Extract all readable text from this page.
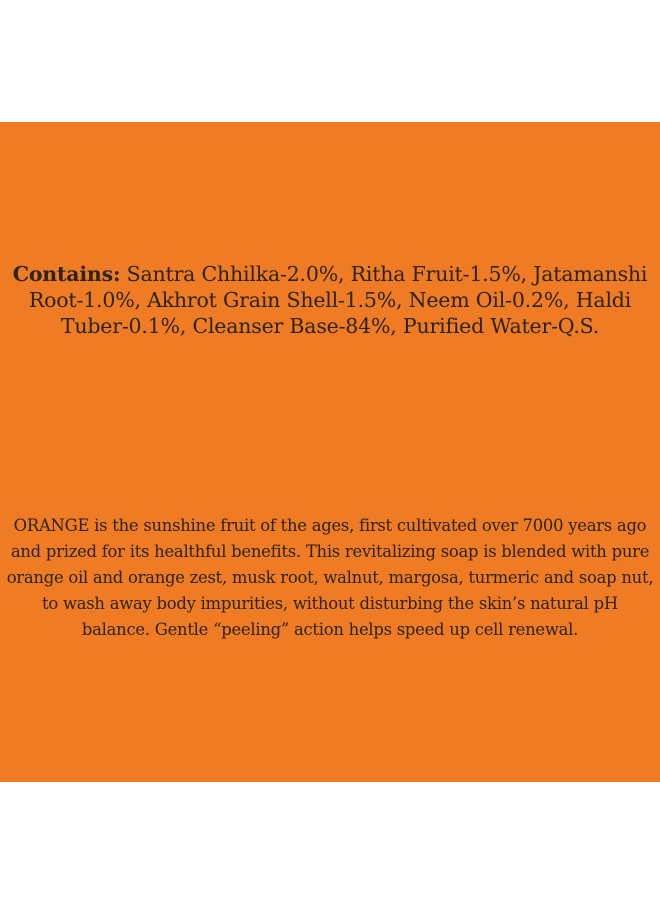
Contains: Santra Chhilka-2.0%, Ritha Fruit-1.5%, Jatamanshi Root-1.0%, Akhrot Grain Shell-1.5%, Neem Oil-0.2%, Haldi Tuber-0.1%, Cleanser Base-84%, Purified Water-Q.S.

ORANGE is the sunshine fruit of the ages, first cultivated over 7000 years ago and prized for its healthful benefits. This revitalizing soap is blended with pure orange oil and orange zest, musk root, walnut, margosa, turmeric and soap nut, to wash away body impurities, without disturbing the skin’s natural pH balance. Gentle “peeling” action helps speed up cell renewal.
